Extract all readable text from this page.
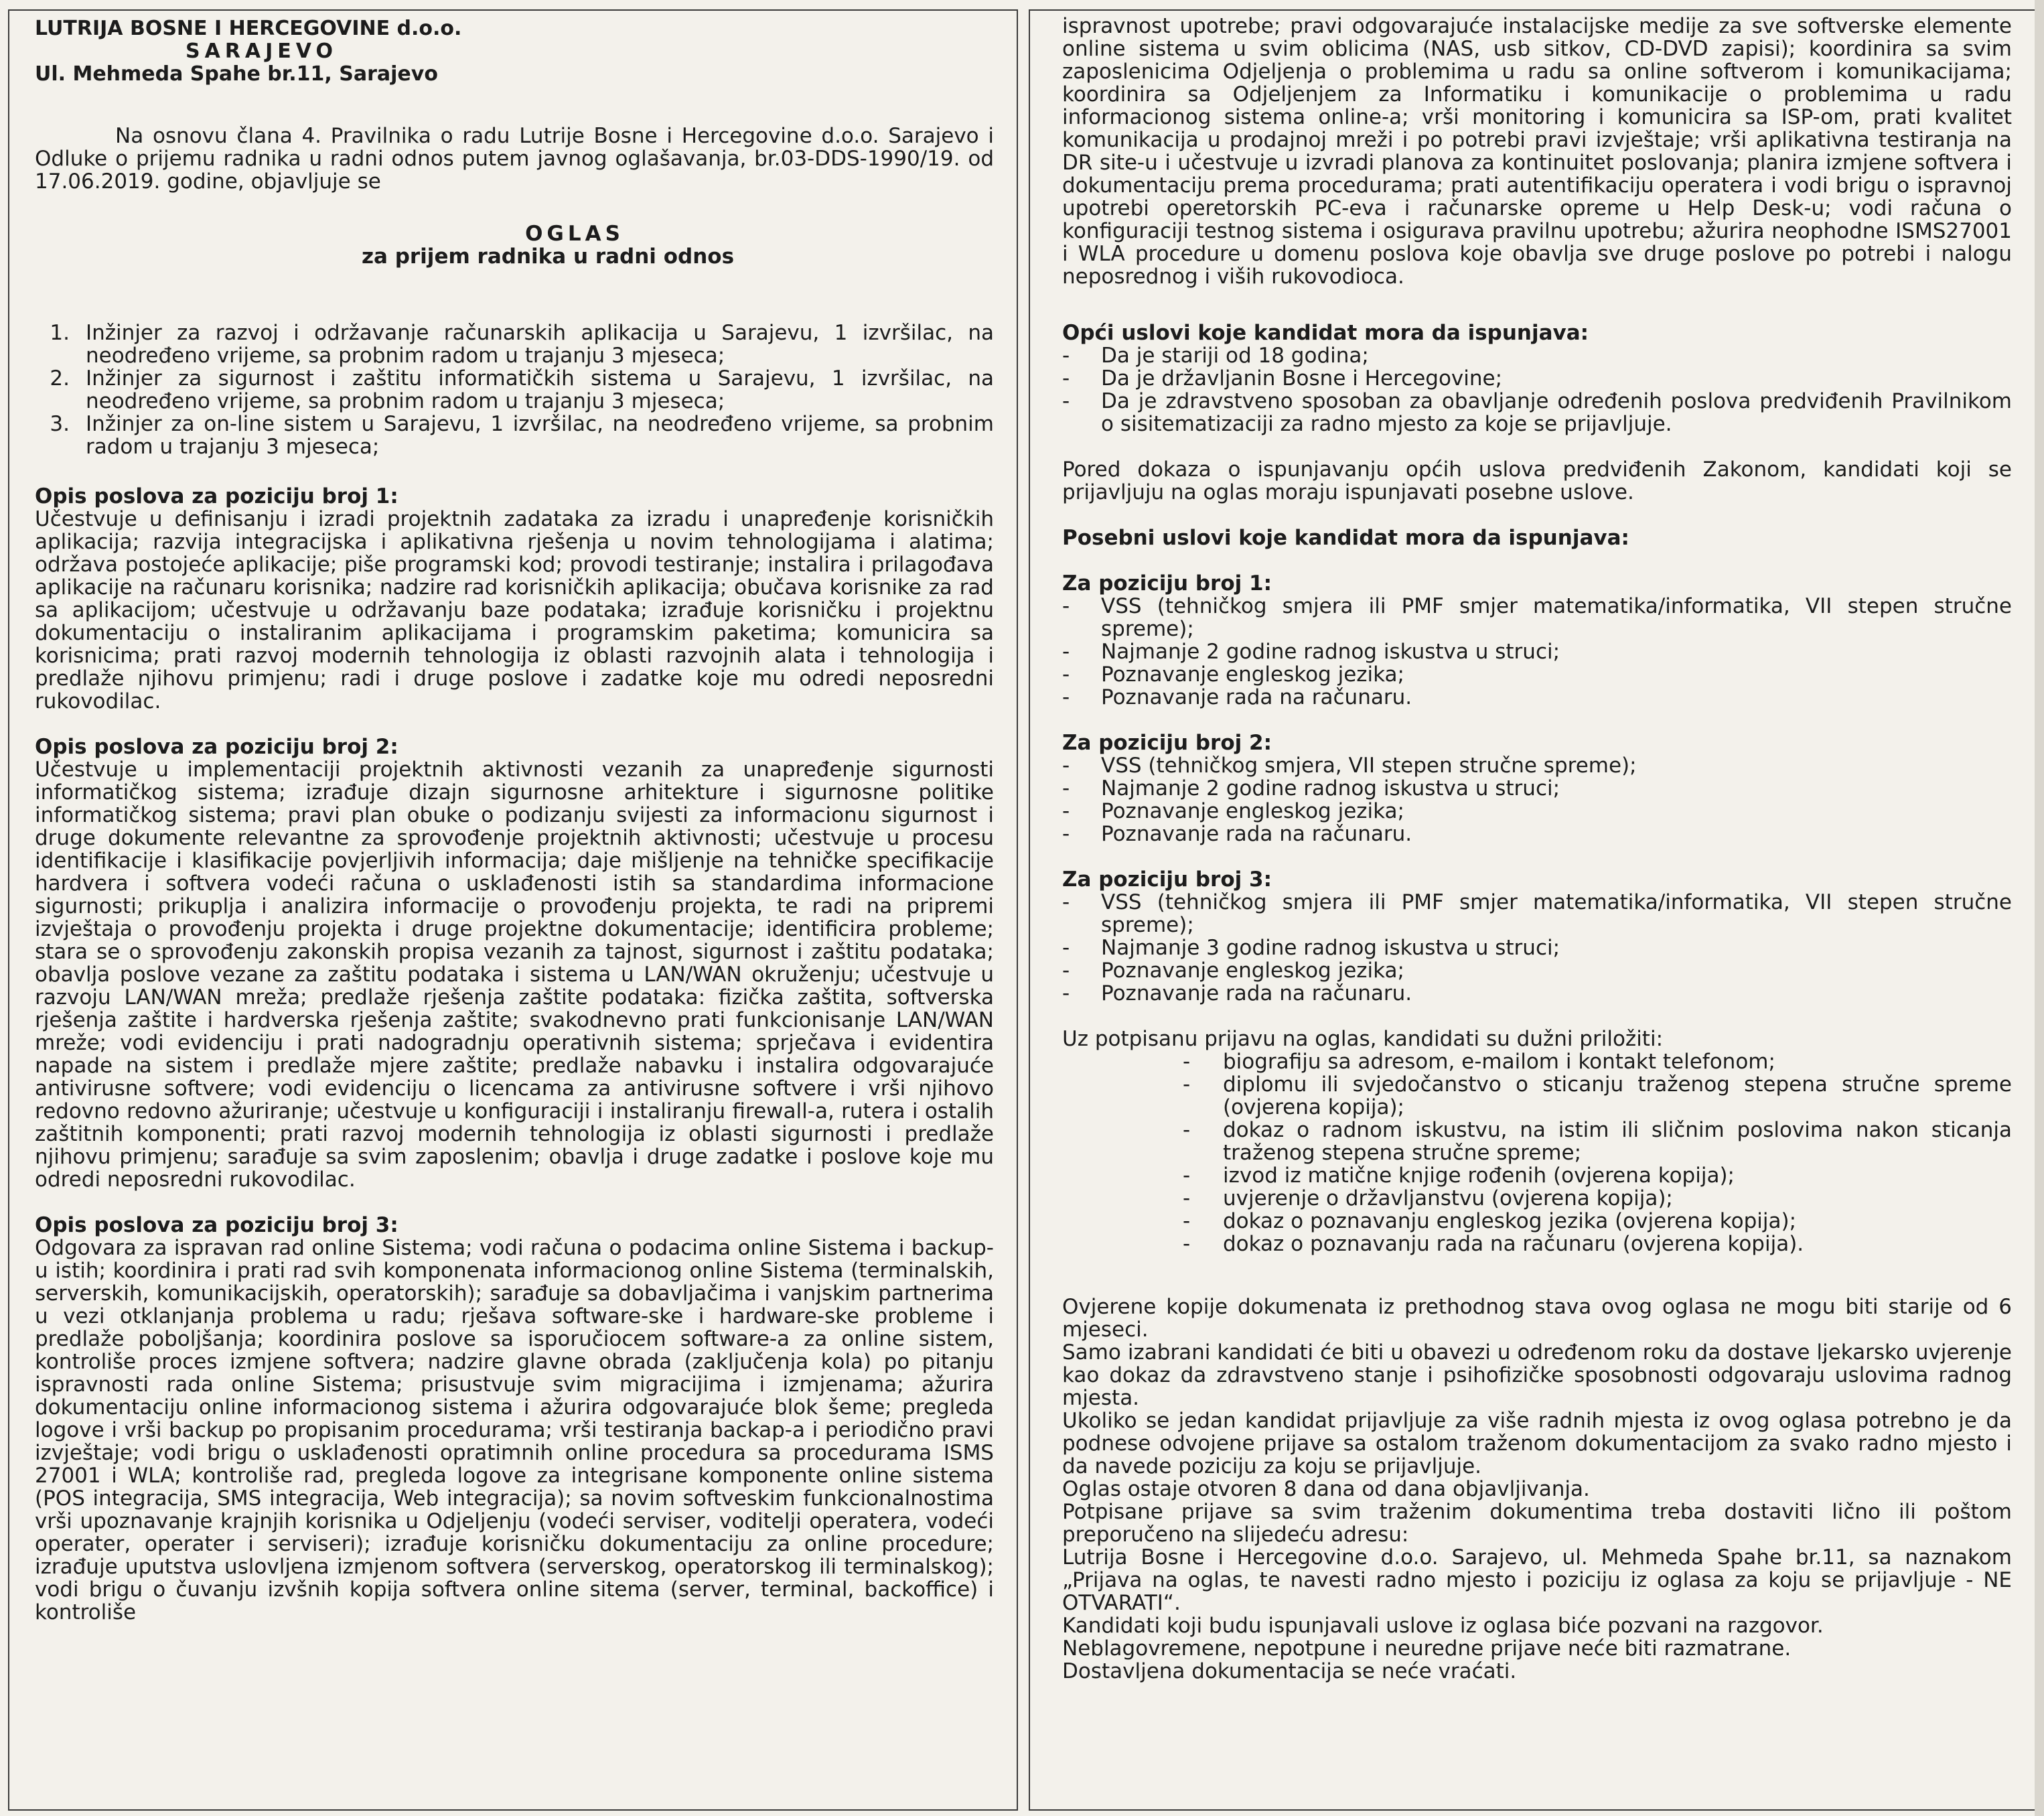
LUTRIJA BOSNE I HERCEGOVINE d.o.o.
SARAJEVO
Ul. Mehmeda Spahe br.11, Sarajevo

Na osnovu člana 4. Pravilnika o radu Lutrije Bosne i Hercegovine d.o.o. Sarajevo i Odluke o prijemu radnika u radni odnos putem javnog oglašavanja, br.03-DDS-1990/19. od 17.06.2019. godine, objavljuje se

OGLAS

za prijem radnika u radni odnos

1. Inžinjer za razvoj i održavanje računarskih aplikacija u Sarajevu, 1 izvršilac, na neodređeno vrijeme, sa probnim radom u trajanju 3 mjeseca;
2. Inžinjer za sigurnost i zaštitu informatičkih sistema u Sarajevu, 1 izvršilac, na neodređeno vrijeme, sa probnim radom u trajanju 3 mjeseca;
3. Inžinjer za on-line sistem u Sarajevu, 1 izvršilac, na neodređeno vrijeme, sa probnim radom u trajanju 3 mjeseca;

Opis poslova za poziciju broj 1:

Učestvuje u definisanju i izradi projektnih zadataka za izradu i unapređenje korisničkih aplikacija; razvija integracijska i aplikativna rješenja u novim tehnologijama i alatima; održava postojeće aplikacije; piše programski kod; provodi testiranje; instalira i prilagođava aplikacije na računaru korisnika; nadzire rad korisničkih aplikacija; obučava korisnike za rad sa aplikacijom; učestvuje u održavanju baze podataka; izrađuje korisničku i projektnu dokumentaciju o instaliranim aplikacijama i programskim paketima; komunicira sa korisnicima; prati razvoj modernih tehnologija iz oblasti razvojnih alata i tehnologija i predlaže njihovu primjenu; radi i druge poslove i zadatke koje mu odredi neposredni rukovodilac.

Opis poslova za poziciju broj 2:

Učestvuje u implementaciji projektnih aktivnosti vezanih za unapređenje sigurnosti informatičkog sistema; izrađuje dizajn sigurnosne arhitekture i sigurnosne politike informatičkog sistema; pravi plan obuke o podizanju svijesti za informacionu sigurnost i druge dokumente relevantne za sprovođenje projektnih aktivnosti; učestvuje u procesu identifikacije i klasifikacije povjerljivih informacija; daje mišljenje na tehničke specifikacije hardvera i softvera vodeći računa o usklađenosti istih sa standardima informacione sigurnosti; prikuplja i analizira informacije o provođenju projekta, te radi na pripremi izvještaja o provođenju projekta i druge projektne dokumentacije; identificira probleme; stara se o sprovođenju zakonskih propisa vezanih za tajnost, sigurnost i zaštitu podataka; obavlja poslove vezane za zaštitu podataka i sistema u LAN/WAN okruženju; učestvuje u razvoju LAN/WAN mreža; predlaže rješenja zaštite podataka: fizička zaštita, softverska rješenja zaštite i hardverska rješenja zaštite; svakodnevno prati funkcionisanje LAN/WAN mreže; vodi evidenciju i prati nadogradnju operativnih sistema; sprječava i evidentira napade na sistem i predlaže mjere zaštite; predlaže nabavku i instalira odgovarajuće antivirusne softvere; vodi evidenciju o licencama za antivirusne softvere i vrši njihovo redovno redovno ažuriranje; učestvuje u konfiguraciji i instaliranju firewall-a, rutera i ostalih zaštitnih komponenti; prati razvoj modernih tehnologija iz oblasti sigurnosti i predlaže njihovu primjenu; sarađuje sa svim zaposlenim; obavlja i druge zadatke i poslove koje mu odredi neposredni rukovodilac.

Opis poslova za poziciju broj 3:

Odgovara za ispravan rad online Sistema; vodi računa o podacima online Sistema i backup-u istih; koordinira i prati rad svih komponenata informacionog online Sistema (terminalskih, serverskih, komunikacijskih, operatorskih); sarađuje sa dobavljačima i vanjskim partnerima u vezi otklanjanja problema u radu; rješava software-ske i hardware-ske probleme i predlaže poboljšanja; koordinira poslove sa isporučiocem software-a za online sistem, kontroliše proces izmjene softvera; nadzire glavne obrada (zaključenja kola) po pitanju ispravnosti rada online Sistema; prisustvuje svim migracijima i izmjenama; ažurira dokumentaciju online informacionog sistema i ažurira odgovarajuće blok šeme; pregleda logove i vrši backup po propisanim procedurama; vrši testiranja backap-a i periodično pravi izvještaje; vodi brigu o usklađenosti opratimnih online procedura sa procedurama ISMS 27001 i WLA; kontroliše rad, pregleda logove za integrisane komponente online sistema (POS integracija, SMS integracija, Web integracija); sa novim softveskim funkcionalnostima vrši upoznavanje krajnjih korisnika u Odjeljenju (vodeći serviser, voditelji operatera, vodeći operater, operater i serviseri); izrađuje korisničku dokumentaciju za online procedure; izrađuje uputstva uslovljena izmjenom softvera (serverskog, operatorskog ili terminalskog); vodi brigu o čuvanju izvšnih kopija softvera online sitema (server, terminal, backoffice) i kontroliše

ispravnost upotrebe; pravi odgovarajuće instalacijske medije za sve softverske elemente online sistema u svim oblicima (NAS, usb sitkov, CD-DVD zapisi); koordinira sa svim zaposlenicima Odjeljenja o problemima u radu sa online softverom i komunikacijama; koordinira sa Odjeljenjem za Informatiku i komunikacije o problemima u radu informacionog sistema online-a; vrši monitoring i komunicira sa ISP-om, prati kvalitet komunikacija u prodajnoj mreži i po potrebi pravi izvještaje; vrši aplikativna testiranja na DR site-u i učestvuje u izvradi planova za kontinuitet poslovanja; planira izmjene softvera i dokumentaciju prema procedurama; prati autentifikaciju operatera i vodi brigu o ispravnoj upotrebi operetorskih PC-eva i računarske opreme u Help Desk-u; vodi računa o konfiguraciji testnog sistema i osigurava pravilnu upotrebu; ažurira neophodne ISMS27001 i WLA procedure u domenu poslova koje obavlja sve druge poslove po potrebi i nalogu neposrednog i viših rukovodioca.

Opći uslovi koje kandidat mora da ispunjava:

-	Da je stariji od 18 godina;
-	Da je državljanin Bosne i Hercegovine;
-	Da je zdravstveno sposoban za obavljanje određenih poslova predviđenih Pravilnikom o sisitematizaciji za radno mjesto za koje se prijavljuje.

Pored dokaza o ispunjavanju općih uslova predviđenih Zakonom, kandidati koji se prijavljuju na oglas moraju ispunjavati posebne uslove.

Posebni uslovi koje kandidat mora da ispunjava:

Za poziciju broj 1:

-	VSS (tehničkog smjera ili PMF smjer matematika/informatika, VII stepen stručne spreme);
-	Najmanje 2 godine radnog iskustva u struci;
-	Poznavanje engleskog jezika;
-	Poznavanje rada na računaru.

Za poziciju broj 2:

-	VSS (tehničkog smjera, VII stepen stručne spreme);
-	Najmanje 2 godine radnog iskustva u struci;
-	Poznavanje engleskog jezika;
-	Poznavanje rada na računaru.

Za poziciju broj 3:

-	VSS (tehničkog smjera ili PMF smjer matematika/informatika, VII stepen stručne spreme);
-	Najmanje 3 godine radnog iskustva u struci;
-	Poznavanje engleskog jezika;
-	Poznavanje rada na računaru.

Uz potpisanu prijavu na oglas, kandidati su dužni priložiti:

-	biografiju sa adresom, e-mailom i kontakt telefonom;
-	diplomu ili svjedočanstvo o sticanju traženog stepena stručne spreme (ovjerena kopija);
-	dokaz o radnom iskustvu, na istim ili sličnim poslovima nakon sticanja traženog stepena stručne spreme;
-	izvod iz matične knjige rođenih (ovjerena kopija);
-	uvjerenje o državljanstvu (ovjerena kopija);
-	dokaz o poznavanju engleskog jezika (ovjerena kopija);
-	dokaz o poznavanju rada na računaru (ovjerena kopija).

Ovjerene kopije dokumenata iz prethodnog stava ovog oglasa ne mogu biti starije od 6 mjeseci.

Samo izabrani kandidati će biti u obavezi u određenom roku da dostave ljekarsko uvjerenje kao dokaz da zdravstveno stanje i psihofizičke sposobnosti odgovaraju uslovima radnog mjesta.

Ukoliko se jedan kandidat prijavljuje za više radnih mjesta iz ovog oglasa potrebno je da podnese odvojene prijave sa ostalom traženom dokumentacijom za svako radno mjesto i da navede poziciju za koju se prijavljuje.

Oglas ostaje otvoren 8 dana od dana objavljivanja.

Potpisane prijave sa svim traženim dokumentima treba dostaviti lično ili poštom preporučeno na slijedeću adresu:

Lutrija Bosne i Hercegovine d.o.o. Sarajevo, ul. Mehmeda Spahe br.11, sa naznakom „Prijava na oglas, te navesti radno mjesto i poziciju iz oglasa za koju se prijavljuje - NE OTVARATI“.

Kandidati koji budu ispunjavali uslove iz oglasa biće pozvani na razgovor.

Neblagovremene, nepotpune i neuredne prijave neće biti razmatrane.

Dostavljena dokumentacija se neće vraćati.
